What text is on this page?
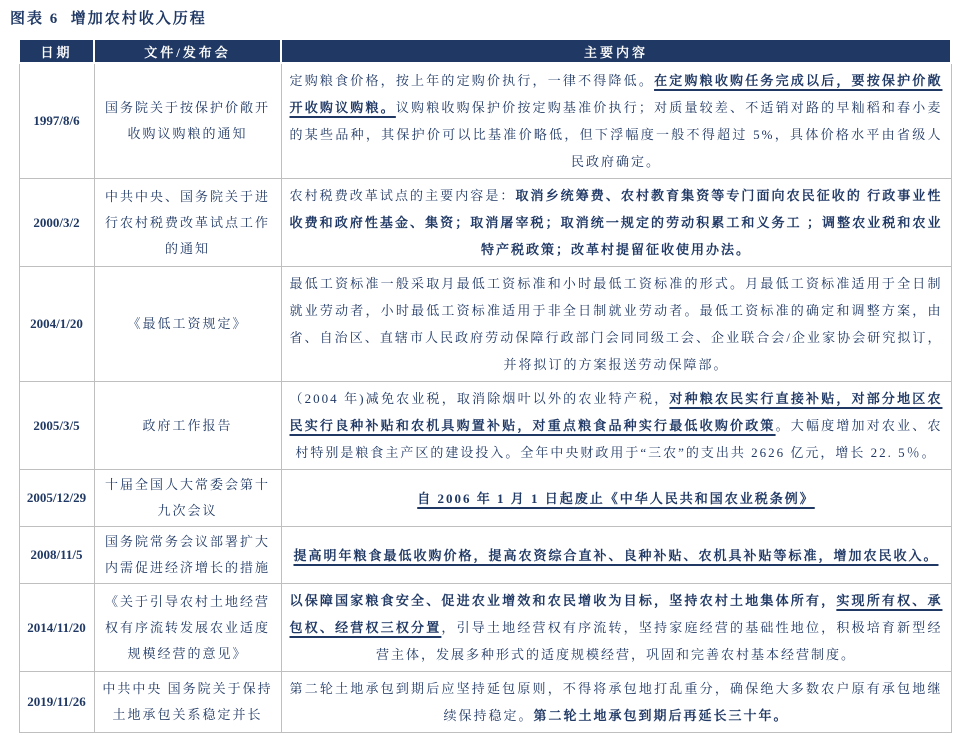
图表 6  增加农村收入历程
日期	文件/发布会	主要内容
1997/8/6	国务院关于按保护价敞开收购议购粮的通知	定购粮食价格，按上年的定购价执行，一律不得降低。在定购粮收购任务完成以后，要按保护价敞开收购议购粮。议购粮收购保护价按定购基准价执行；对质量较差、不适销对路的早籼稻和春小麦的某些品种，其保护价可以比基准价略低，但下浮幅度一般不得超过 5%，具体价格水平由省级人民政府确定。
2000/3/2	中共中央、国务院关于进行农村税费改革试点工作的通知	农村税费改革试点的主要内容是：取消乡统筹费、农村教育集资等专门面向农民征收的 行政事业性收费和政府性基金、集资；取消屠宰税；取消统一规定的劳动积累工和义务工 ；调整农业税和农业特产税政策；改革村提留征收使用办法。
2004/1/20	《最低工资规定》	最低工资标准一般采取月最低工资标准和小时最低工资标准的形式。月最低工资标准适用于全日制就业劳动者，小时最低工资标准适用于非全日制就业劳动者。最低工资标准的确定和调整方案，由省、自治区、直辖市人民政府劳动保障行政部门会同同级工会、企业联合会/企业家协会研究拟订，并将拟订的方案报送劳动保障部。
2005/3/5	政府工作报告	（2004 年)减免农业税，取消除烟叶以外的农业特产税，对种粮农民实行直接补贴，对部分地区农民实行良种补贴和农机具购置补贴，对重点粮食品种实行最低收购价政策。大幅度增加对农业、农村特别是粮食主产区的建设投入。全年中央财政用于“三农”的支出共 2626 亿元，增长 22. 5％。
2005/12/29	十届全国人大常委会第十九次会议	自 2006 年 1 月 1 日起废止《中华人民共和国农业税条例》
2008/11/5	国务院常务会议部署扩大内需促进经济增长的措施	提高明年粮食最低收购价格，提高农资综合直补、良种补贴、农机具补贴等标准，增加农民收入。
2014/11/20	《关于引导农村土地经营权有序流转发展农业适度规模经营的意见》	以保障国家粮食安全、促进农业增效和农民增收为目标，坚持农村土地集体所有，实现所有权、承包权、经营权三权分置，引导土地经营权有序流转，坚持家庭经营的基础性地位，积极培育新型经营主体，发展多种形式的适度规模经营，巩固和完善农村基本经营制度。
2019/11/26	中共中央 国务院关于保持土地承包关系稳定并长	第二轮土地承包到期后应坚持延包原则，不得将承包地打乱重分，确保绝大多数农户原有承包地继续保持稳定。第二轮土地承包到期后再延长三十年。
